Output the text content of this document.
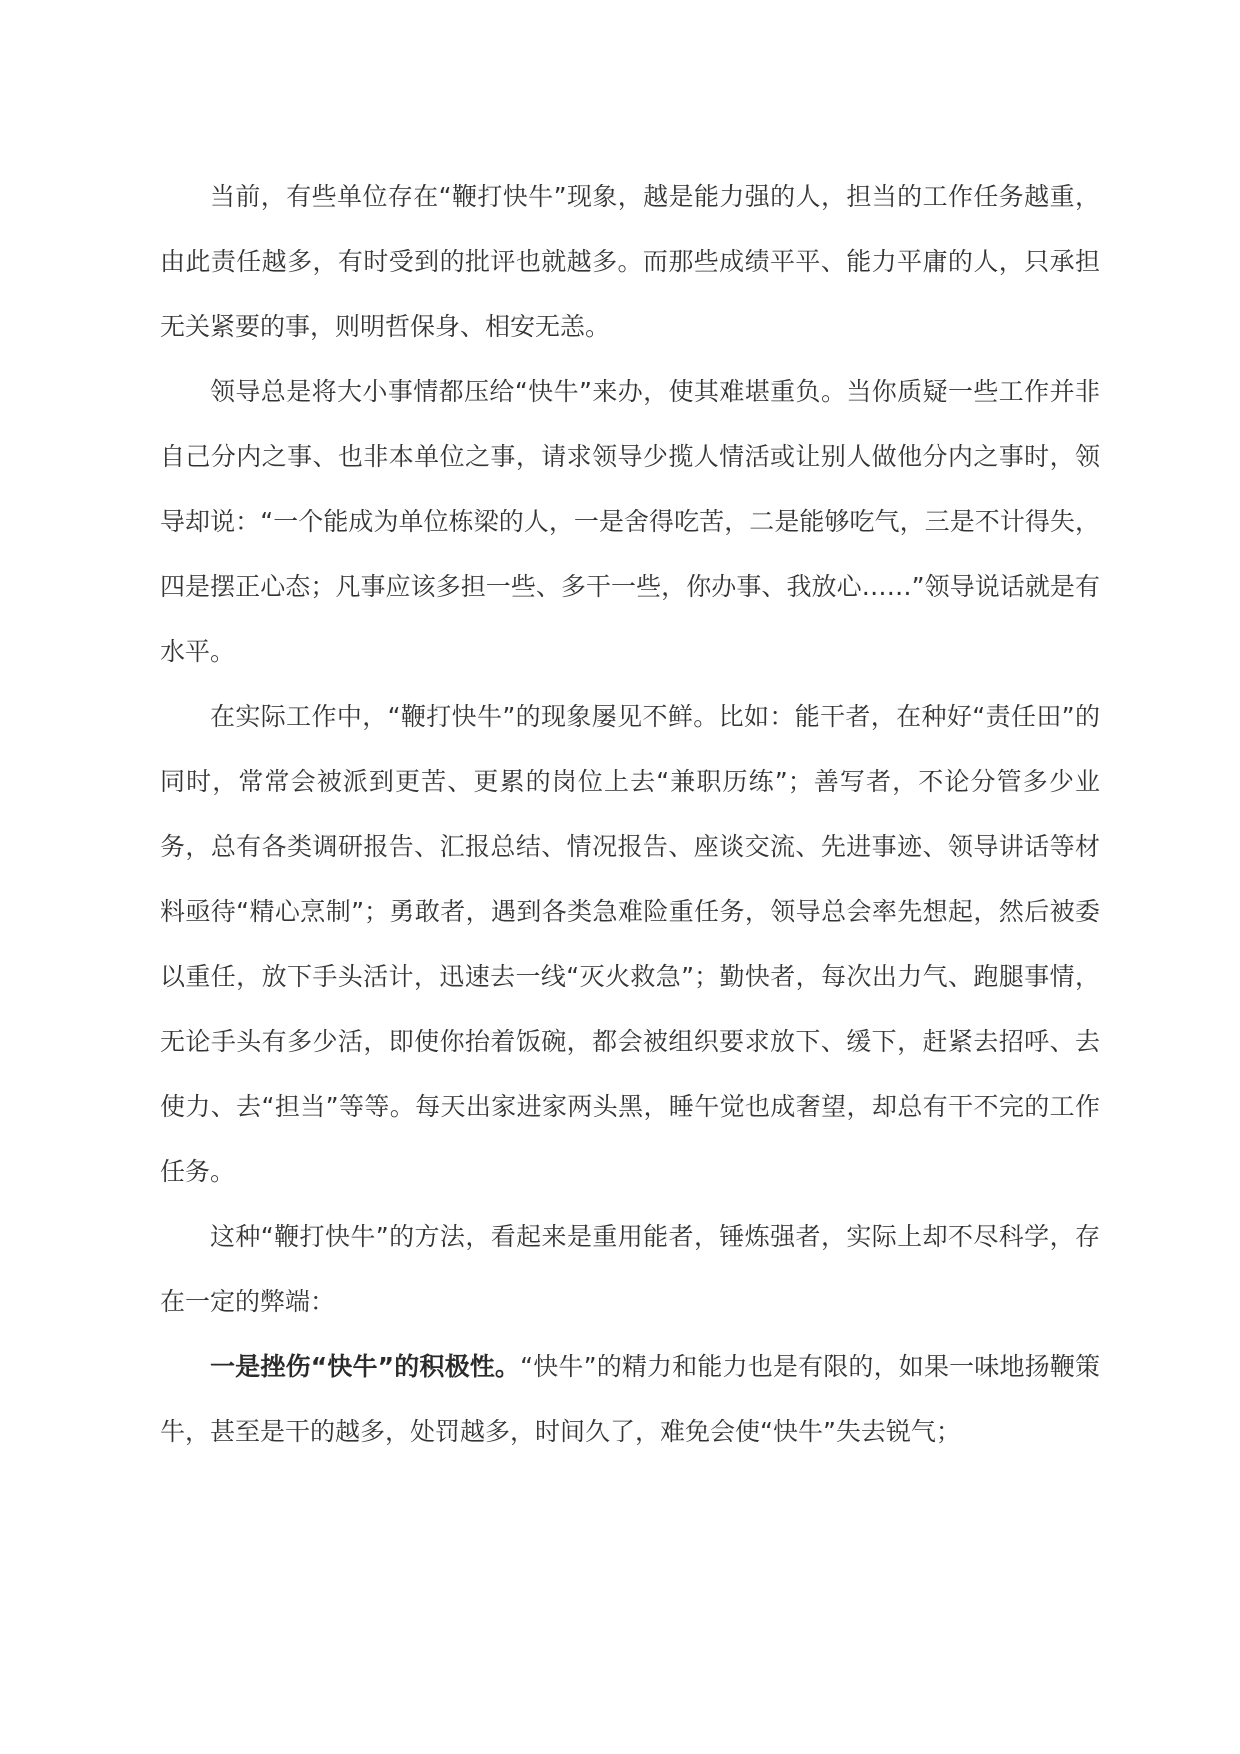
当前，有些单位存在“鞭打快牛”现象，越是能力强的人，担当的工作任务越重，由此责任越多，有时受到的批评也就越多。而那些成绩平平、能力平庸的人，只承担无关紧要的事，则明哲保身、相安无恙。

领导总是将大小事情都压给“快牛”来办，使其难堪重负。当你质疑一些工作并非自己分内之事、也非本单位之事，请求领导少揽人情活或让别人做他分内之事时，领导却说：“一个能成为单位栋梁的人，一是舍得吃苦，二是能够吃气，三是不计得失，四是摆正心态；凡事应该多担一些、多干一些，你办事、我放心……”领导说话就是有水平。

在实际工作中，“鞭打快牛”的现象屡见不鲜。比如：能干者，在种好“责任田”的同时，常常会被派到更苦、更累的岗位上去“兼职历练”；善写者，不论分管多少业务，总有各类调研报告、汇报总结、情况报告、座谈交流、先进事迹、领导讲话等材料亟待“精心烹制”；勇敢者，遇到各类急难险重任务，领导总会率先想起，然后被委以重任，放下手头活计，迅速去一线“灭火救急”；勤快者，每次出力气、跑腿事情，无论手头有多少活，即使你抬着饭碗，都会被组织要求放下、缓下，赶紧去招呼、去使力、去“担当”等等。每天出家进家两头黑，睡午觉也成奢望，却总有干不完的工作任务。

这种“鞭打快牛”的方法，看起来是重用能者，锤炼强者，实际上却不尽科学，存在一定的弊端：

一是挫伤“快牛”的积极性。“快牛”的精力和能力也是有限的，如果一味地扬鞭策牛，甚至是干的越多，处罚越多，时间久了，难免会使“快牛”失去锐气；
